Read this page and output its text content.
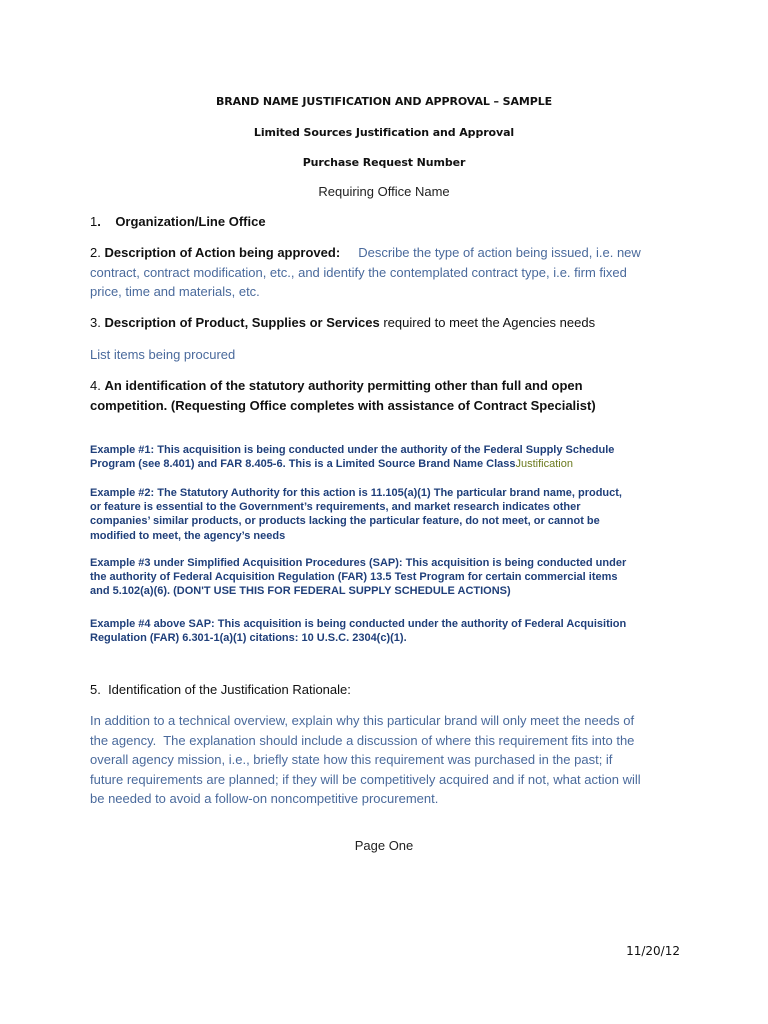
BRAND NAME JUSTIFICATION AND APPROVAL – SAMPLE
Limited Sources Justification and Approval
Purchase Request Number
Requiring Office Name
1. Organization/Line Office
2. Description of Action being approved: Describe the type of action being issued, i.e. new
contract, contract modification, etc., and identify the contemplated contract type, i.e. firm fixed
price, time and materials, etc.
3. Description of Product, Supplies or Services required to meet the Agencies needs
List items being procured
4. An identification of the statutory authority permitting other than full and open
competition. (Requesting Office completes with assistance of Contract Specialist)
Example #1: This acquisition is being conducted under the authority of the Federal Supply Schedule
Program (see 8.401) and FAR 8.405-6. This is a Limited Source Brand Name ClassJustification
Example #2: The Statutory Authority for this action is 11.105(a)(1) The particular brand name, product,
or feature is essential to the Government’s requirements, and market research indicates other
companies’ similar products, or products lacking the particular feature, do not meet, or cannot be
modified to meet, the agency’s needs
Example #3 under Simplified Acquisition Procedures (SAP): This acquisition is being conducted under
the authority of Federal Acquisition Regulation (FAR) 13.5 Test Program for certain commercial items
and 5.102(a)(6). (DON'T USE THIS FOR FEDERAL SUPPLY SCHEDULE ACTIONS)
Example #4 above SAP: This acquisition is being conducted under the authority of Federal Acquisition
Regulation (FAR) 6.301-1(a)(1) citations: 10 U.S.C. 2304(c)(1).
5.  Identification of the Justification Rationale:
In addition to a technical overview, explain why this particular brand will only meet the needs of
the agency.  The explanation should include a discussion of where this requirement fits into the
overall agency mission, i.e., briefly state how this requirement was purchased in the past; if
future requirements are planned; if they will be competitively acquired and if not, what action will
be needed to avoid a follow-on noncompetitive procurement.
Page One
11/20/12
